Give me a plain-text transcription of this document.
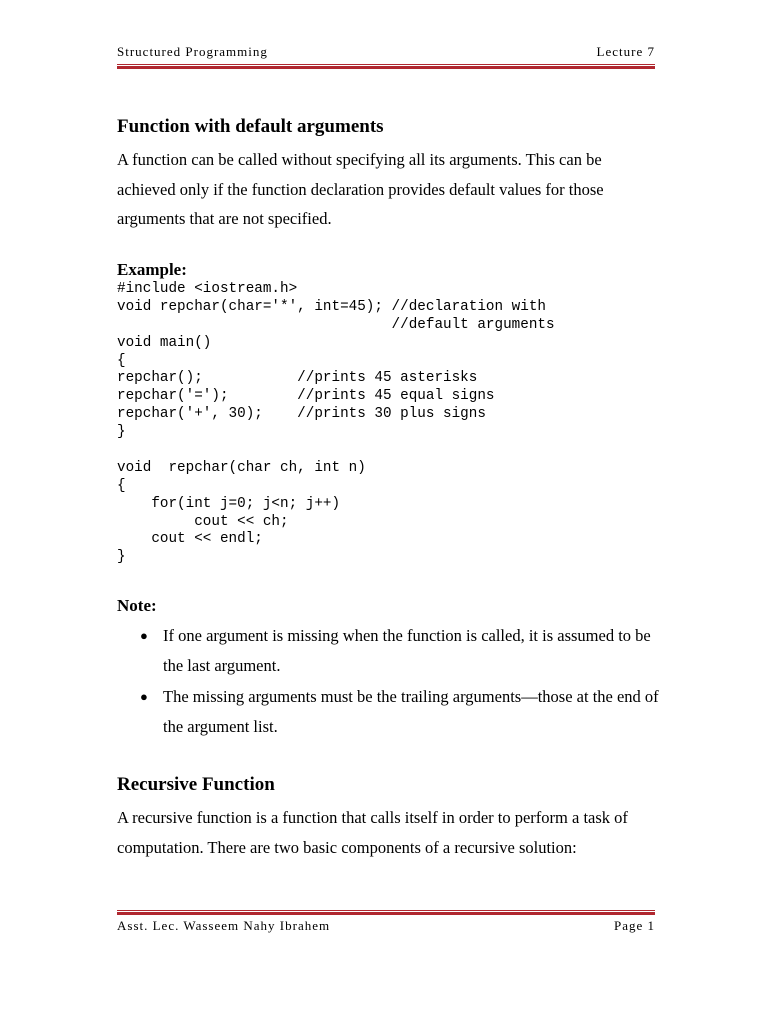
Structured Programming	Lecture 7
Function with default arguments

A function can be called without specifying all its arguments. This can be achieved only if the function declaration provides default values for those arguments that are not specified.

Example:
#include <iostream.h>
void repchar(char='*', int=45); //declaration with
//default arguments
void main()
{
repchar();           //prints 45 asterisks
repchar('=');        //prints 45 equal signs
repchar('+', 30);    //prints 30 plus signs
}
void  repchar(char ch, int n)
{
for(int j=0; j<n; j++)
cout << ch;
cout << endl;
}
Note:
● If one argument is missing when the function is called, it is assumed to be the last argument.
● The missing arguments must be the trailing arguments—those at the end of the argument list.
Recursive Function

A recursive function is a function that calls itself in order to perform a task of computation. There are two basic components of a recursive solution:

Asst. Lec. Wasseem Nahy Ibrahem	Page 1
